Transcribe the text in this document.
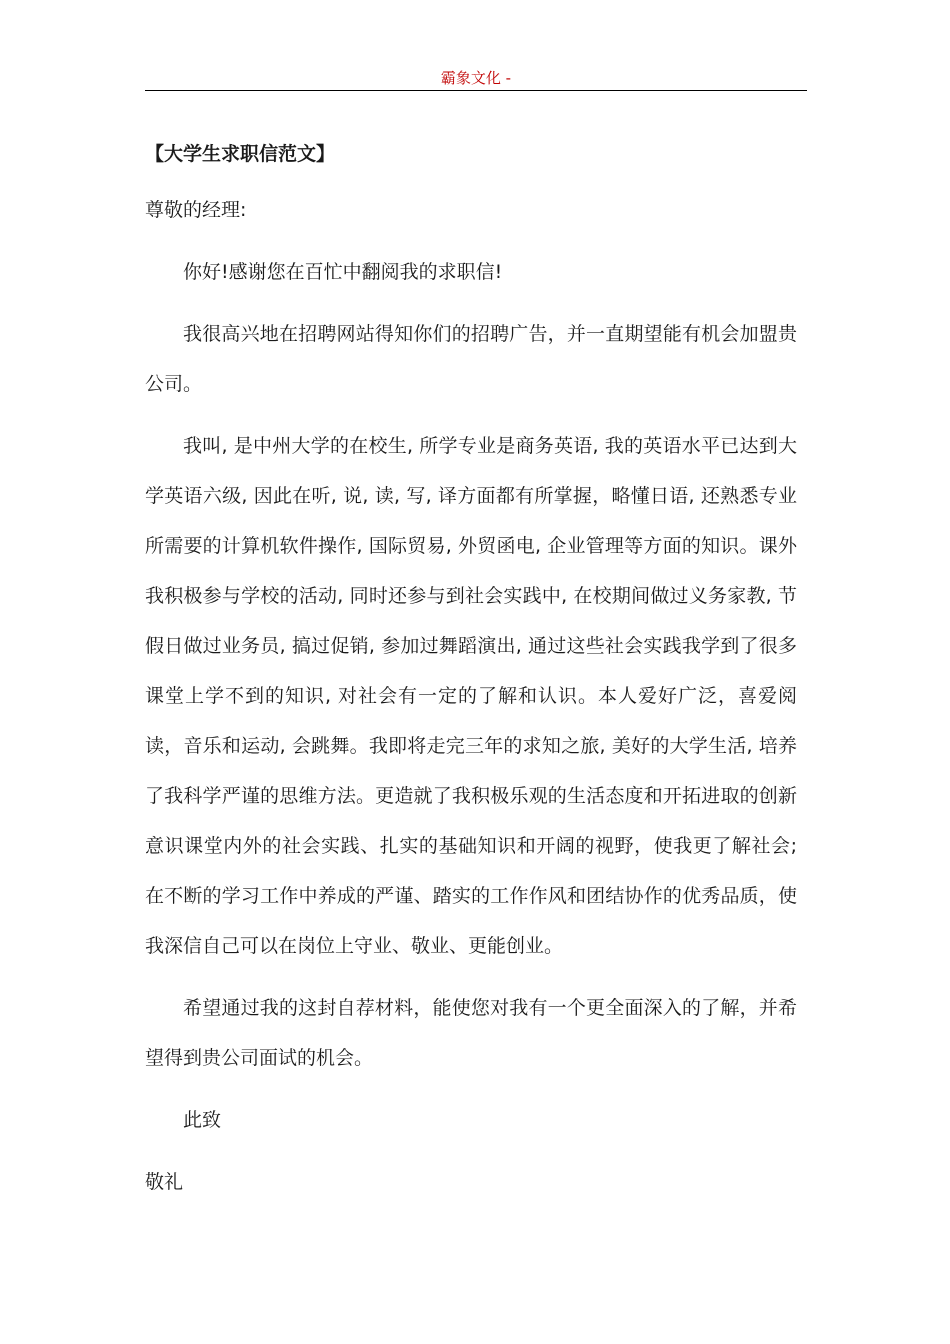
霸象文化 -
【大学生求职信范文】
尊敬的经理:
你好!感谢您在百忙中翻阅我的求职信!
我很高兴地在招聘网站得知你们的招聘广告，并一直期望能有机会加盟贵公司。
我叫, 是中州大学的在校生, 所学专业是商务英语, 我的英语水平已达到大学英语六级, 因此在听, 说, 读, 写, 译方面都有所掌握，略懂日语, 还熟悉专业所需要的计算机软件操作, 国际贸易, 外贸函电, 企业管理等方面的知识。课外我积极参与学校的活动, 同时还参与到社会实践中, 在校期间做过义务家教, 节假日做过业务员, 搞过促销, 参加过舞蹈演出, 通过这些社会实践我学到了很多课堂上学不到的知识, 对社会有一定的了解和认识。本人爱好广泛，喜爱阅读，音乐和运动, 会跳舞。我即将走完三年的求知之旅, 美好的大学生活, 培养了我科学严谨的思维方法。更造就了我积极乐观的生活态度和开拓进取的创新意识课堂内外的社会实践、扎实的基础知识和开阔的视野，使我更了解社会;在不断的学习工作中养成的严谨、踏实的工作作风和团结协作的优秀品质，使我深信自己可以在岗位上守业、敬业、更能创业。
希望通过我的这封自荐材料，能使您对我有一个更全面深入的了解，并希望得到贵公司面试的机会。
此致
敬礼
